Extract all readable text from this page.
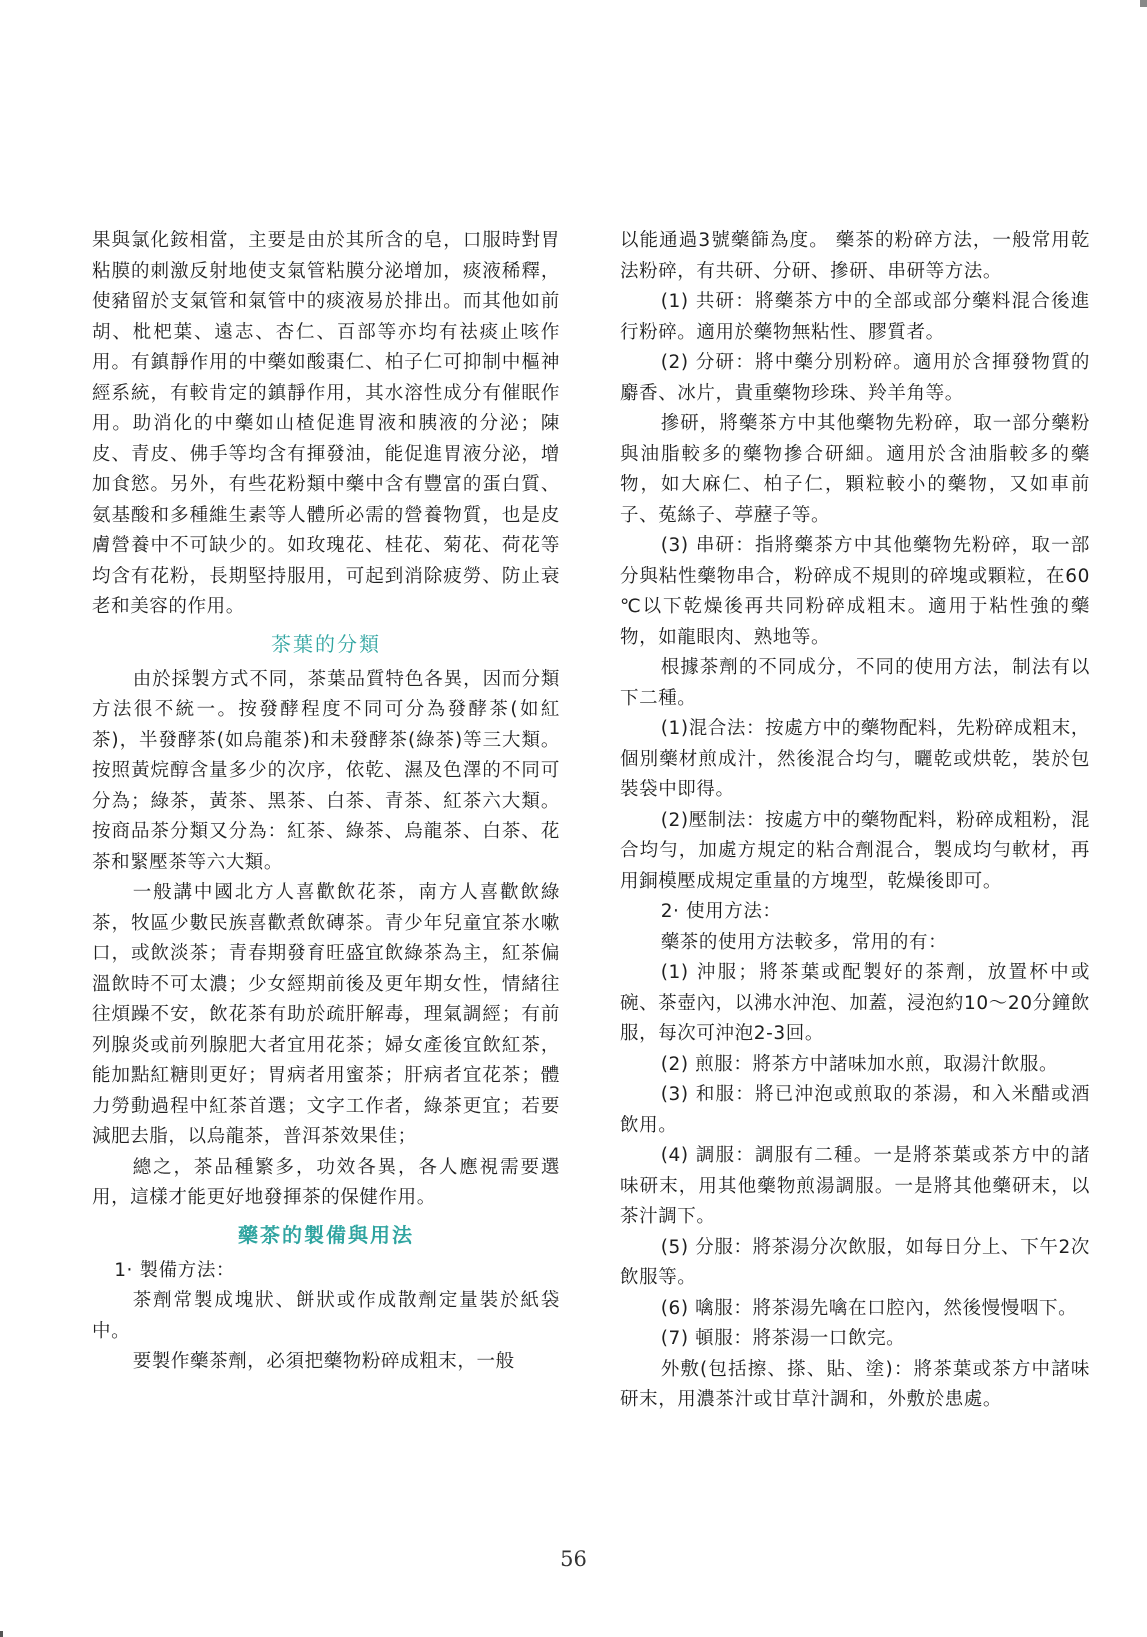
果與氯化銨相當，主要是由於其所含的皂，口服時對胃粘膜的刺激反射地使支氣管粘膜分泌增加，痰液稀釋，使豬留於支氣管和氣管中的痰液易於排出。而其他如前胡、枇杷葉、遠志、杏仁、百部等亦均有祛痰止咳作用。有鎮靜作用的中藥如酸棗仁、柏子仁可抑制中樞神經系統，有較肯定的鎮靜作用，其水溶性成分有催眠作用。助消化的中藥如山楂促進胃液和胰液的分泌；陳皮、青皮、佛手等均含有揮發油，能促進胃液分泌，增加食慾。另外，有些花粉類中藥中含有豐富的蛋白質、氨基酸和多種維生素等人體所必需的營養物質，也是皮膚營養中不可缺少的。如玫瑰花、桂花、菊花、荷花等均含有花粉，長期堅持服用，可起到消除疲勞、防止衰老和美容的作用。

茶葉的分類

由於採製方式不同，茶葉品質特色各異，因而分類方法很不統一。按發酵程度不同可分為發酵茶(如紅茶)，半發酵茶(如烏龍茶)和未發酵茶(綠茶)等三大類。按照黃烷醇含量多少的次序，依乾、濕及色澤的不同可分為；綠茶，黃茶、黑茶、白茶、青茶、紅茶六大類。按商品茶分類又分為：紅茶、綠茶、烏龍茶、白茶、花茶和緊壓茶等六大類。

一般講中國北方人喜歡飲花茶，南方人喜歡飲綠茶，牧區少數民族喜歡煮飲磚茶。青少年兒童宜茶水嗽口，或飲淡茶；青春期發育旺盛宜飲綠茶為主，紅茶偏溫飲時不可太濃；少女經期前後及更年期女性，情緒往往煩躁不安，飲花茶有助於疏肝解毒，理氣調經；有前列腺炎或前列腺肥大者宜用花茶；婦女產後宜飲紅茶，能加點紅糖則更好；胃病者用蜜茶；肝病者宜花茶；體力勞動過程中紅茶首選；文字工作者，綠茶更宜；若要減肥去脂，以烏龍茶，普洱茶效果佳；

總之，茶品種繁多，功效各異，各人應視需要選用，這樣才能更好地發揮茶的保健作用。

藥茶的製備與用法

1· 製備方法：

茶劑常製成塊狀、餅狀或作成散劑定量裝於紙袋中。

要製作藥茶劑，必須把藥物粉碎成粗末，一般

以能通過3號藥篩為度。 藥茶的粉碎方法，一般常用乾法粉碎，有共研、分研、摻研、串研等方法。

(1) 共研：將藥茶方中的全部或部分藥料混合後進行粉碎。適用於藥物無粘性、膠質者。

(2) 分研：將中藥分別粉碎。適用於含揮發物質的麝香、冰片，貴重藥物珍珠、羚羊角等。

摻研，將藥茶方中其他藥物先粉碎，取一部分藥粉與油脂較多的藥物摻合研細。適用於含油脂較多的藥物，如大麻仁、柏子仁，顆粒較小的藥物，又如車前子、菟絲子、葶藶子等。

(3) 串研：指將藥茶方中其他藥物先粉碎，取一部分與粘性藥物串合，粉碎成不規則的碎塊或顆粒，在60 ℃以下乾燥後再共同粉碎成粗末。適用于粘性強的藥物，如龍眼肉、熟地等。

根據茶劑的不同成分，不同的使用方法，制法有以下二種。

(1)混合法：按處方中的藥物配料，先粉碎成粗末，個別藥材煎成汁，然後混合均勻，曬乾或烘乾，裝於包裝袋中即得。

(2)壓制法：按處方中的藥物配料，粉碎成粗粉，混合均勻，加處方規定的粘合劑混合，製成均勻軟材，再用銅模壓成規定重量的方塊型，乾燥後即可。

2· 使用方法：

藥茶的使用方法較多，常用的有：

(1) 沖服；將茶葉或配製好的茶劑，放置杯中或碗、茶壺內，以沸水沖泡、加蓋，浸泡約10～20分鐘飲服，每次可沖泡2-3回。

(2) 煎服：將茶方中諸味加水煎，取湯汁飲服。

(3) 和服：將已沖泡或煎取的茶湯，和入米醋或酒飲用。

(4) 調服：調服有二種。一是將茶葉或茶方中的諸味研末，用其他藥物煎湯調服。一是將其他藥研末，以茶汁調下。

(5) 分服：將茶湯分次飲服，如每日分上、下午2次飲服等。

(6) 噙服：將茶湯先噙在口腔內，然後慢慢咽下。

(7) 頓服：將茶湯一口飲完。

外敷(包括擦、搽、貼、塗)：將茶葉或茶方中諸味研末，用濃茶汁或甘草汁調和，外敷於患處。

56
